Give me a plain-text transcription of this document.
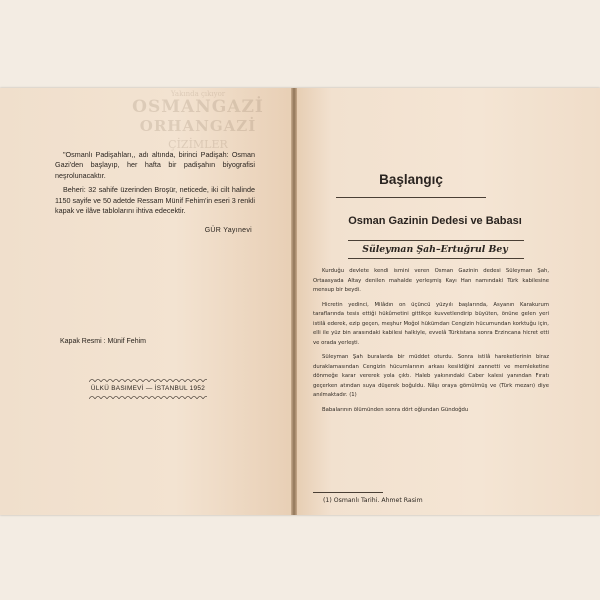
Yakında çıkıyor
OSMANGAZİ
ORHANGAZİ
ÇİZİMLER

"Osmanlı Padişahları,, adı altında, birinci Padişah: Osman Gazi'den başlayıp, her hafta bir padişahın biyografisi neşrolunacaktır.

Beheri: 32 sahife üzerinden Broşür, neticede, iki cilt halinde 1150 sayife ve 50 adetde Ressam Münif Fehim'in eseri 3 renkli kapak ve ilâve tablolarını ihtiva edecektir.

GÜR Yayınevi
Kapak Resmi : Münif Fehim
ÜLKÜ BASIMEVİ — İSTANBUL 1952
Başlangıç
Osman Gazinin Dedesi ve Babası
Süleyman Şah–Ertuğrul Bey

Kurduğu devlete kendi ismini veren Osman Gazinin dedesi Süleyman Şah, Ortaasyada Altay denilen mahalde yerleşmiş Kayı Han namındaki Türk kabilesine mensup bir beydi.

Hicretin yedinci, Milâdın on üçüncü yüzyılı başlarında, Asyanın Karakurum taraflarında tesis ettiği hükûmetini gittikçe kuvvetlendirip büyüten, önüne gelen yeri istilâ ederek, ezip geçen, meşhur Moğol hükümdarı Cengizin hücumundan korktuğu için, elli ile yüz bin arasındaki kabilesi halkiyle, evvelâ Türkistana sonra Erzincana hicret etti ve orada yerleşti.

Süleyman Şah buralarda bir müddet oturdu. Sonra istilâ hareketlerinin biraz duraklamasından Cengizin hücumlarının arkası kesildiğini zannetti ve memleketine dönmeğe karar vererek yola çıktı. Haleb yakınındaki Caber kalesi yanından Fıratı geçerken atından suya düşerek boğuldu. Nâşı oraya gömülmüş ve (Türk mezarı) diye anılmaktadır. (1)

Babalarının ölümünden sonra dört oğlundan Gündoğdu

(1) Osmanlı Tarihi. Ahmet Rasim
